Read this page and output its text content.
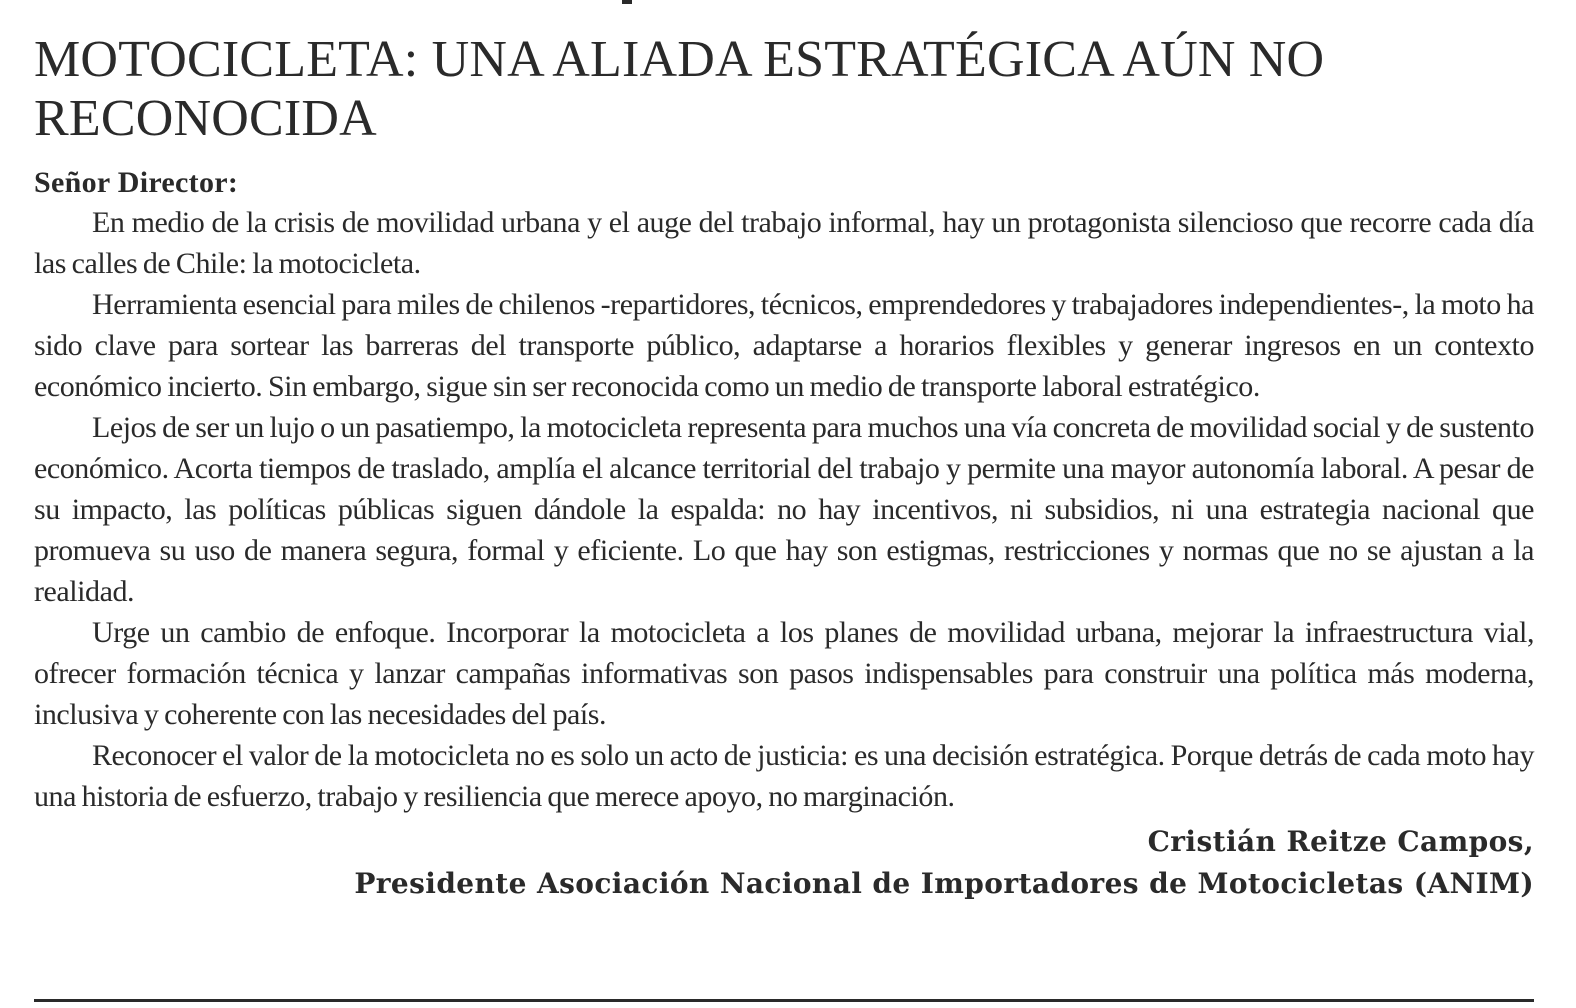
MOTOCICLETA: UNA ALIADA ESTRATÉGICA AÚN NO RECONOCIDA

Señor Director:

En medio de la crisis de movilidad urbana y el auge del trabajo informal, hay un protagonista silencioso que recorre cada día las calles de Chile: la motocicleta.

Herramienta esencial para miles de chilenos -repartidores, técnicos, emprendedores y trabajadores independientes-, la moto ha sido clave para sortear las barreras del transporte público, adaptarse a horarios flexibles y generar ingresos en un contexto económico incierto. Sin embargo, sigue sin ser reconocida como un medio de transporte laboral estratégico.

Lejos de ser un lujo o un pasatiempo, la motocicleta representa para muchos una vía concreta de movilidad social y de sustento económico. Acorta tiempos de traslado, amplía el alcance territorial del trabajo y permite una mayor autonomía laboral. A pesar de su impacto, las políticas públicas siguen dándole la espalda: no hay incentivos, ni subsidios, ni una estrategia nacional que promueva su uso de manera segura, formal y eficiente. Lo que hay son estigmas, restricciones y normas que no se ajustan a la realidad.

Urge un cambio de enfoque. Incorporar la motocicleta a los planes de movilidad urbana, mejorar la infraestructura vial, ofrecer formación técnica y lanzar campañas informativas son pasos indispensables para construir una política más moderna, inclusiva y coherente con las necesidades del país.

Reconocer el valor de la motocicleta no es solo un acto de justicia: es una decisión estratégica. Porque detrás de cada moto hay una historia de esfuerzo, trabajo y resiliencia que merece apoyo, no marginación.

Cristián Reitze Campos,
Presidente Asociación Nacional de Importadores de Motocicletas (ANIM)
